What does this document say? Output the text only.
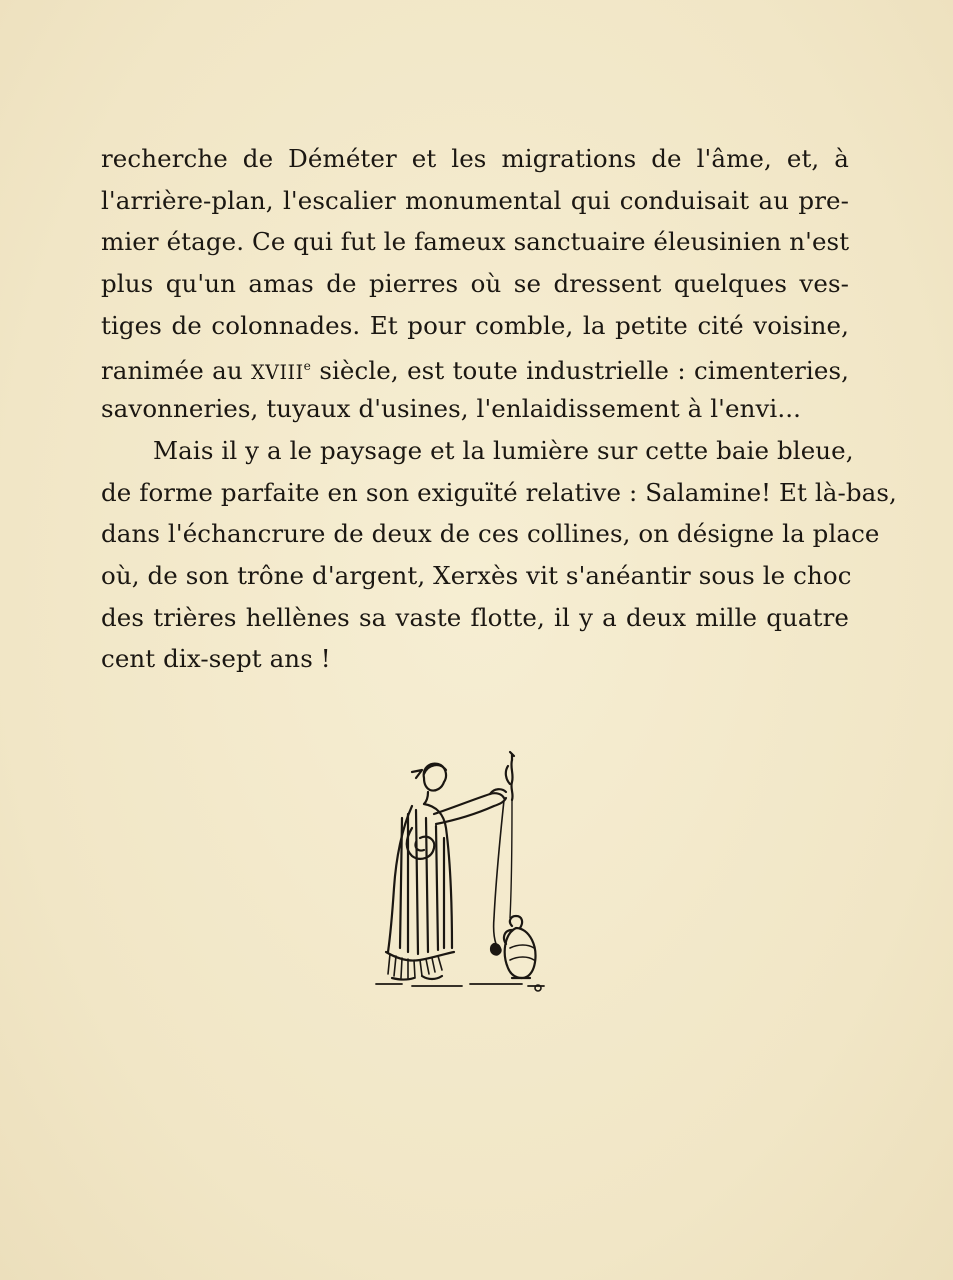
recherche de Déméter et les migrations de l'âme, et, à
l'arrière-plan, l'escalier monumental qui conduisait au pre-
mier étage. Ce qui fut le fameux sanctuaire éleusinien n'est
plus qu'un amas de pierres où se dressent quelques ves-
tiges de colonnades. Et pour comble, la petite cité voisine,
ranimée au XVIIIe siècle, est toute industrielle : cimenteries,
savonneries, tuyaux d'usines, l'enlaidissement à l'envi...
Mais il y a le paysage et la lumière sur cette baie bleue,
de forme parfaite en son exiguïté relative : Salamine! Et là-bas,
dans l'échancrure de deux de ces collines, on désigne la place
où, de son trône d'argent, Xerxès vit s'anéantir sous le choc
des trières hellènes sa vaste flotte, il y a deux mille quatre
cent dix-sept ans !
